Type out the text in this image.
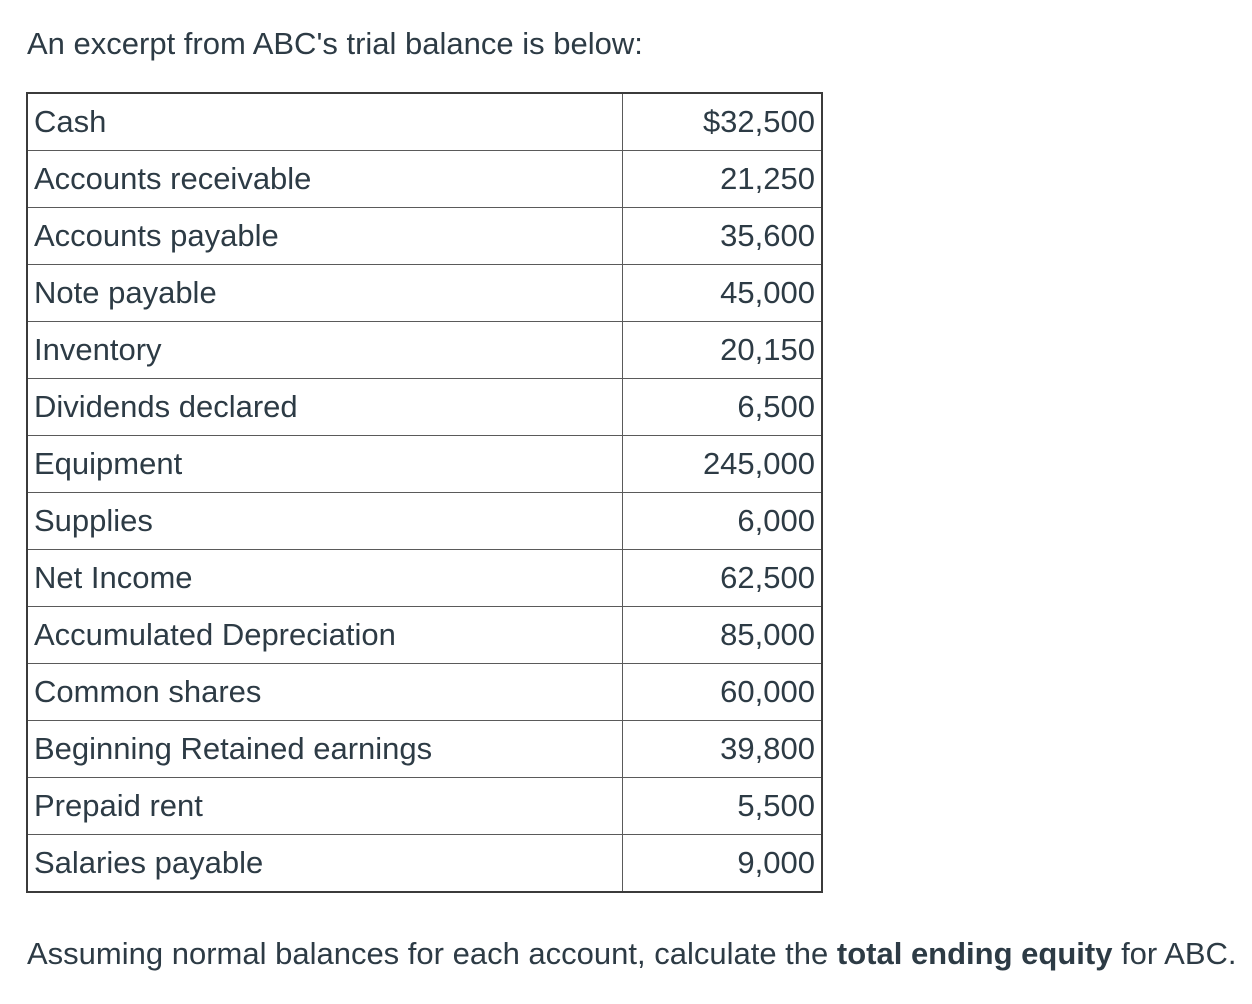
An excerpt from ABC's trial balance is below:
Cash	$32,500
Accounts receivable	21,250
Accounts payable	35,600
Note payable	45,000
Inventory	20,150
Dividends declared	6,500
Equipment	245,000
Supplies	6,000
Net Income	62,500
Accumulated Depreciation	85,000
Common shares	60,000
Beginning Retained earnings	39,800
Prepaid rent	5,500
Salaries payable	9,000
Assuming normal balances for each account, calculate the total ending equity for ABC.
